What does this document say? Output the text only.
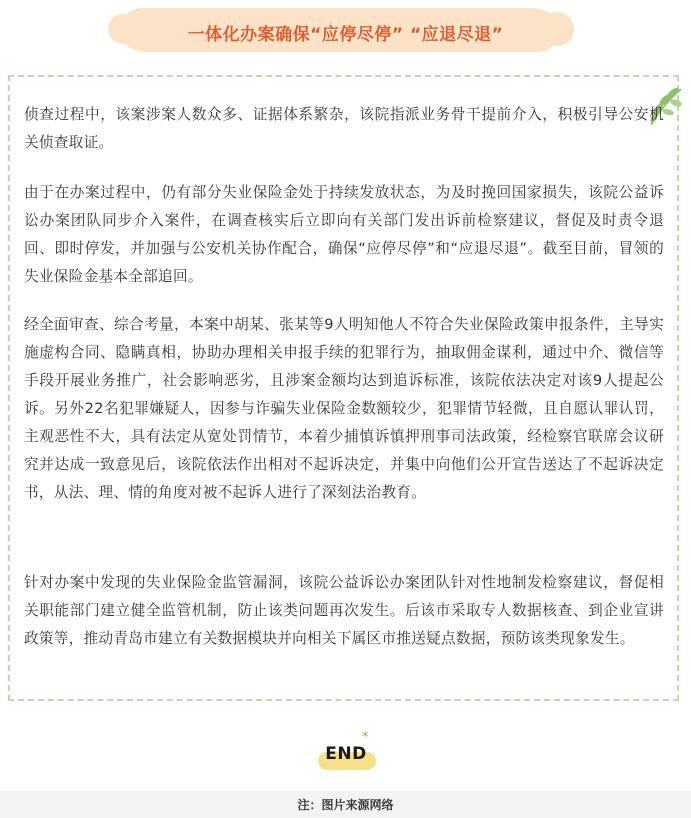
一体化办案确保“应停尽停” “应退尽退”

侦查过程中，该案涉案人数众多、证据体系繁杂，该院指派业务骨干提前介入，积极引导公安机关侦查取证。

由于在办案过程中，仍有部分失业保险金处于持续发放状态，为及时挽回国家损失，该院公益诉讼办案团队同步介入案件，在调查核实后立即向有关部门发出诉前检察建议，督促及时责令退回、即时停发，并加强与公安机关协作配合，确保“应停尽停”和“应退尽退”。截至目前，冒领的失业保险金基本全部追回。

经全面审查、综合考量，本案中胡某、张某等9人明知他人不符合失业保险政策申报条件，主导实施虚构合同、隐瞒真相，协助办理相关申报手续的犯罪行为，抽取佣金谋利，通过中介、微信等手段开展业务推广，社会影响恶劣，且涉案金额均达到追诉标准，该院依法决定对该9人提起公诉。另外22名犯罪嫌疑人，因参与诈骗失业保险金数额较少，犯罪情节轻微，且自愿认罪认罚，主观恶性不大，具有法定从宽处罚情节，本着少捕慎诉慎押刑事司法政策，经检察官联席会议研究并达成一致意见后，该院依法作出相对不起诉决定，并集中向他们公开宣告送达了不起诉决定书，从法、理、情的角度对被不起诉人进行了深刻法治教育。

针对办案中发现的失业保险金监管漏洞，该院公益诉讼办案团队针对性地制发检察建议，督促相关职能部门建立健全监管机制，防止该类问题再次发生。后该市采取专人数据核查、到企业宣讲政策等，推动青岛市建立有关数据模块并向相关下属区市推送疑点数据，预防该类现象发生。

*
END
注：图片来源网络
